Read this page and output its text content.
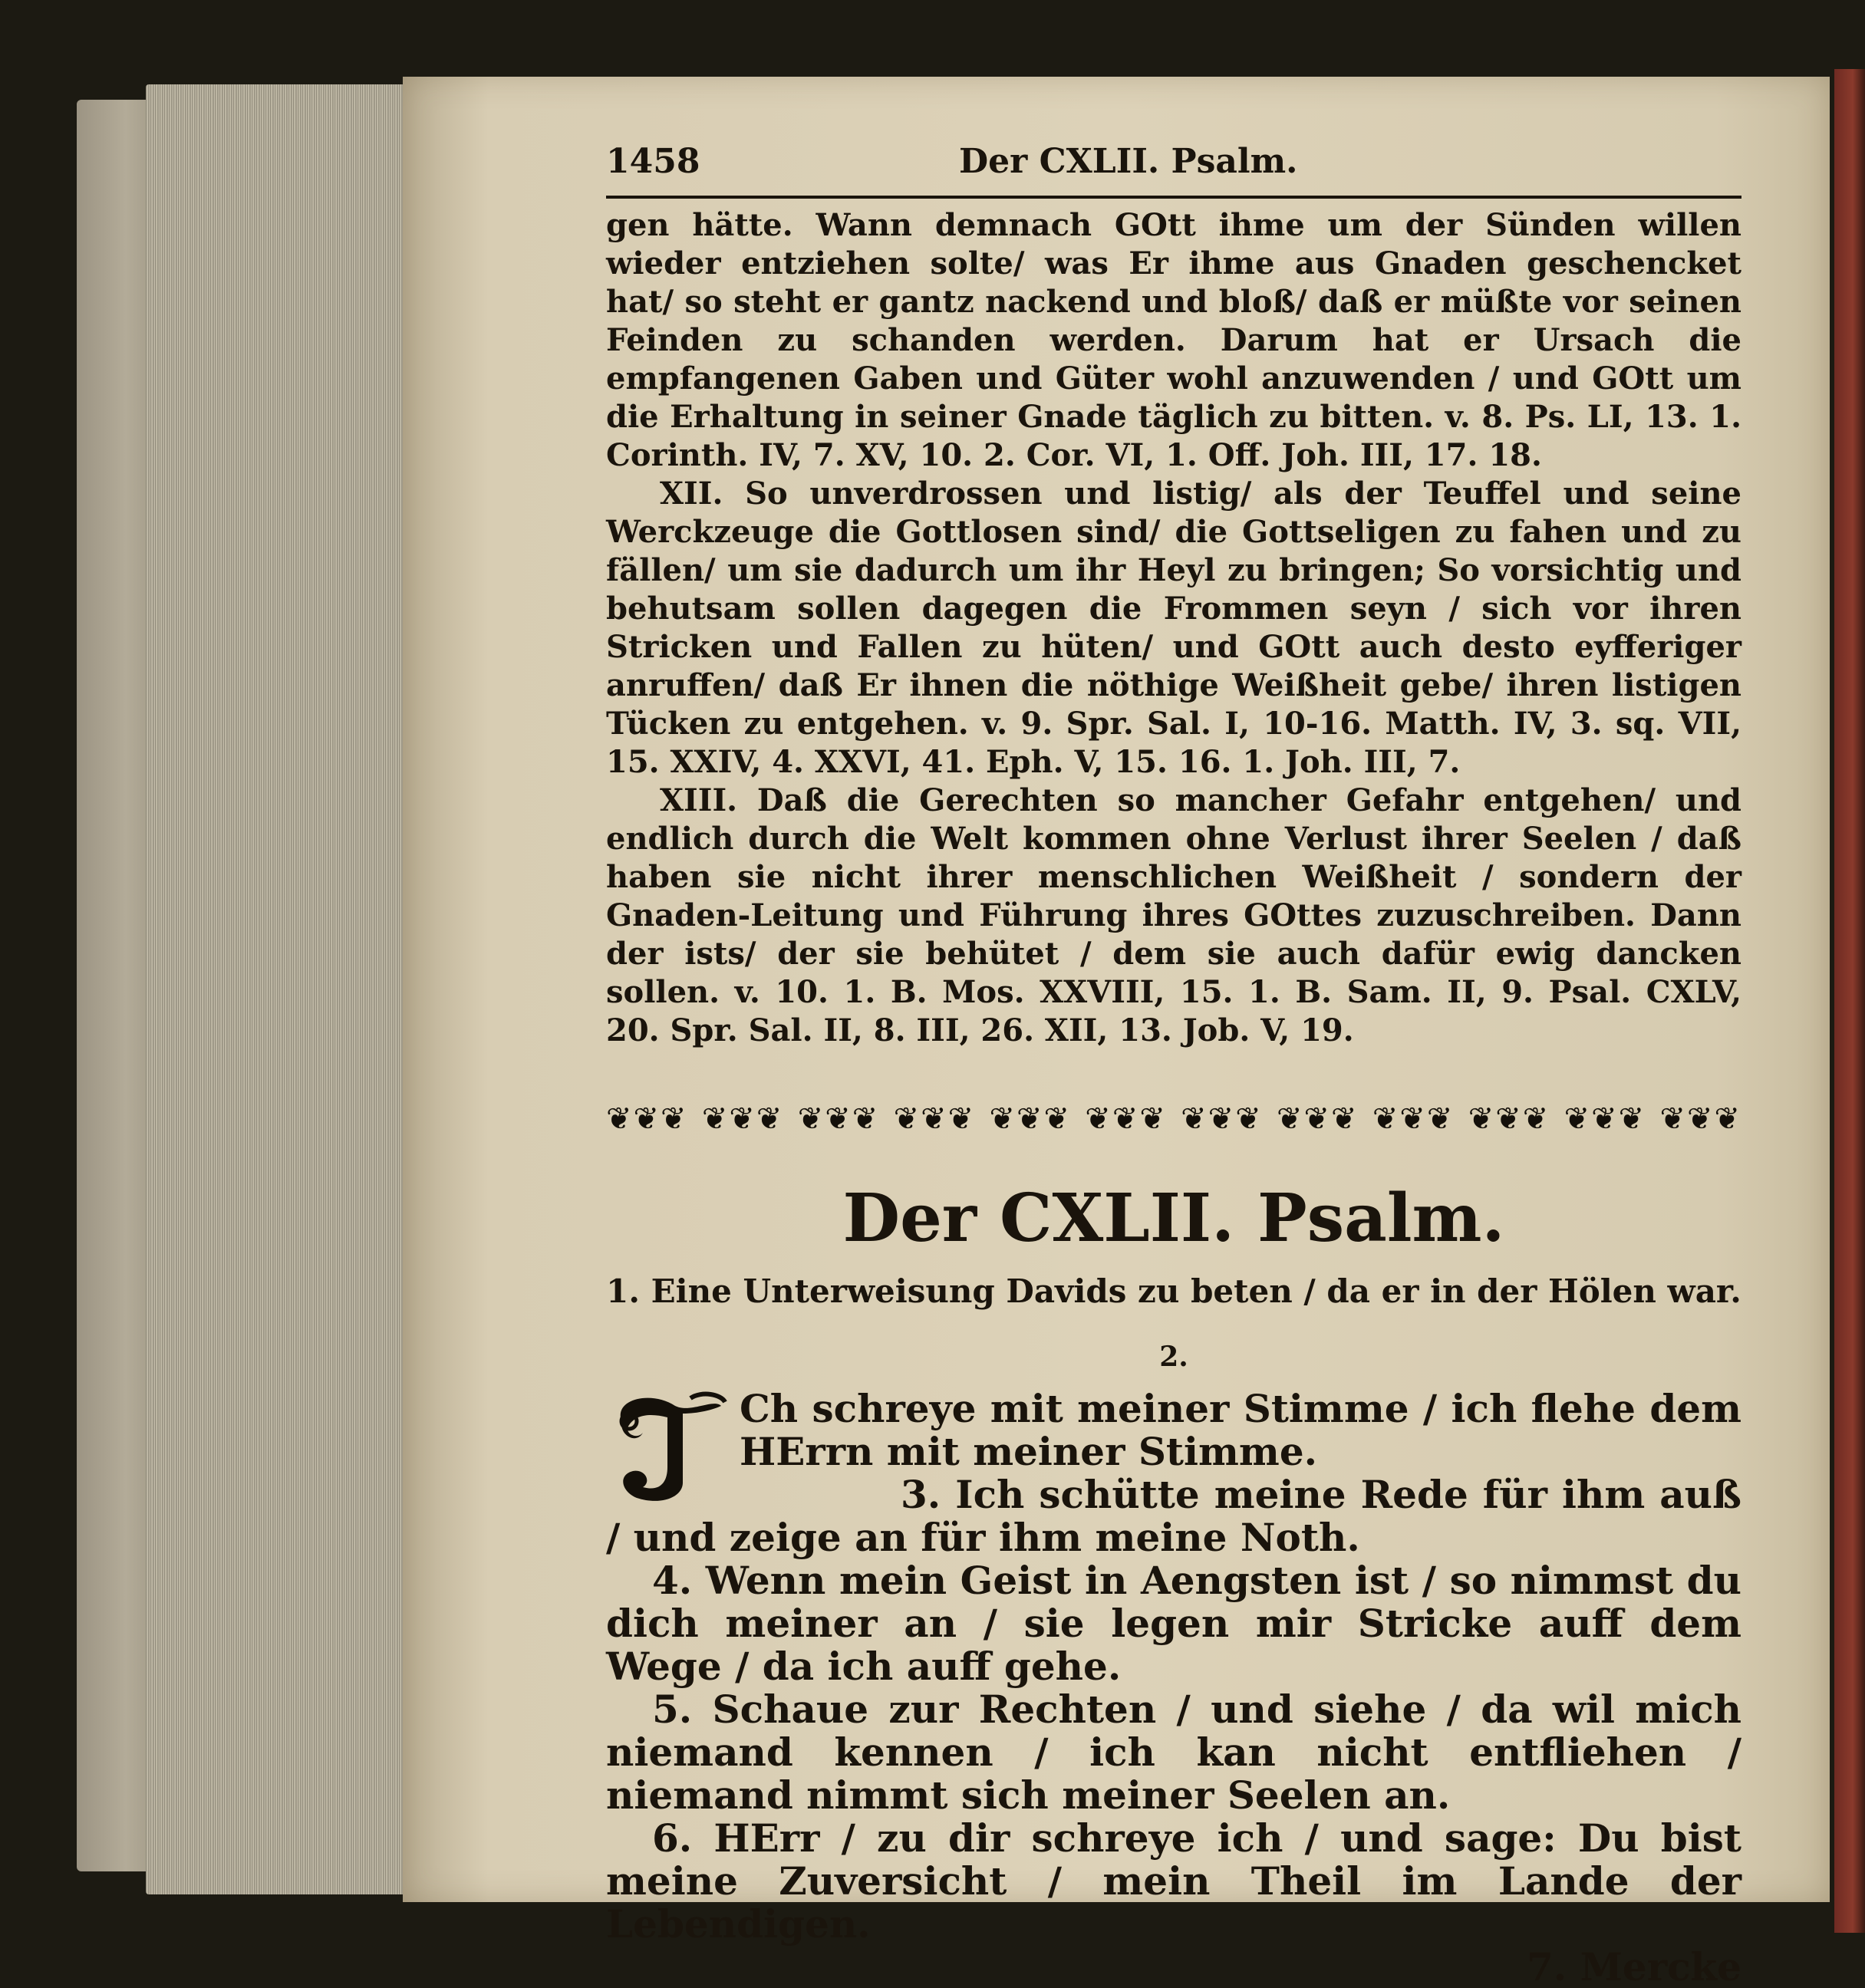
1458	Der CXLII. Psalm.

gen hätte. Wann demnach GOtt ihme um der Sünden willen wieder entziehen solte/ was Er ihme aus Gnaden geschencket hat/ so steht er gantz nackend und bloß/ daß er müßte vor seinen Feinden zu schanden werden. Darum hat er Ursach die empfangenen Gaben und Güter wohl anzuwenden / und GOtt um die Erhaltung in seiner Gnade täglich zu bitten. v. 8. Ps. LI, 13. 1. Corinth. IV, 7. XV, 10. 2. Cor. VI, 1. Off. Joh. III, 17. 18.

XII. So unverdrossen und listig/ als der Teuffel und seine Werckzeuge die Gottlosen sind/ die Gottseligen zu fahen und zu fällen/ um sie dadurch um ihr Heyl zu bringen; So vorsichtig und behutsam sollen dagegen die Frommen seyn / sich vor ihren Stricken und Fallen zu hüten/ und GOtt auch desto eyfferiger anruffen/ daß Er ihnen die nöthige Weißheit gebe/ ihren listigen Tücken zu entgehen. v. 9. Spr. Sal. I, 10-16. Matth. IV, 3. sq. VII, 15. XXIV, 4. XXVI, 41. Eph. V, 15. 16. 1. Joh. III, 7.

XIII. Daß die Gerechten so mancher Gefahr entgehen/ und endlich durch die Welt kommen ohne Verlust ihrer Seelen / daß haben sie nicht ihrer menschlichen Weißheit / sondern der Gnaden-Leitung und Führung ihres GOttes zuzuschreiben. Dann der ists/ der sie behütet / dem sie auch dafür ewig dancken sollen. v. 10. 1. B. Mos. XXVIII, 15. 1. B. Sam. II, 9. Psal. CXLV, 20. Spr. Sal. II, 8. III, 26. XII, 13. Job. V, 19.

❦❦❦ ❦❦❦ ❦❦❦ ❦❦❦ ❦❦❦ ❦❦❦ ❦❦❦ ❦❦❦ ❦❦❦ ❦❦❦ ❦❦❦ ❦❦❦
Der CXLII. Psalm.
1. Eine Unterweisung Davids zu beten / da er in der Hölen war.
2.

Ch schreye mit meiner Stimme / ich flehe dem HErrn mit meiner Stimme.

3. Ich schütte meine Rede für ihm auß / und zeige an für ihm meine Noth.

4. Wenn mein Geist in Aengsten ist / so nimmst du dich meiner an / sie legen mir Stricke auff dem Wege / da ich auff gehe.

5. Schaue zur Rechten / und siehe / da wil mich niemand kennen / ich kan nicht entfliehen / niemand nimmt sich meiner Seelen an.

6. HErr / zu dir schreye ich / und sage: Du bist meine Zuversicht / mein Theil im Lande der Lebendigen.

7. Mercke
